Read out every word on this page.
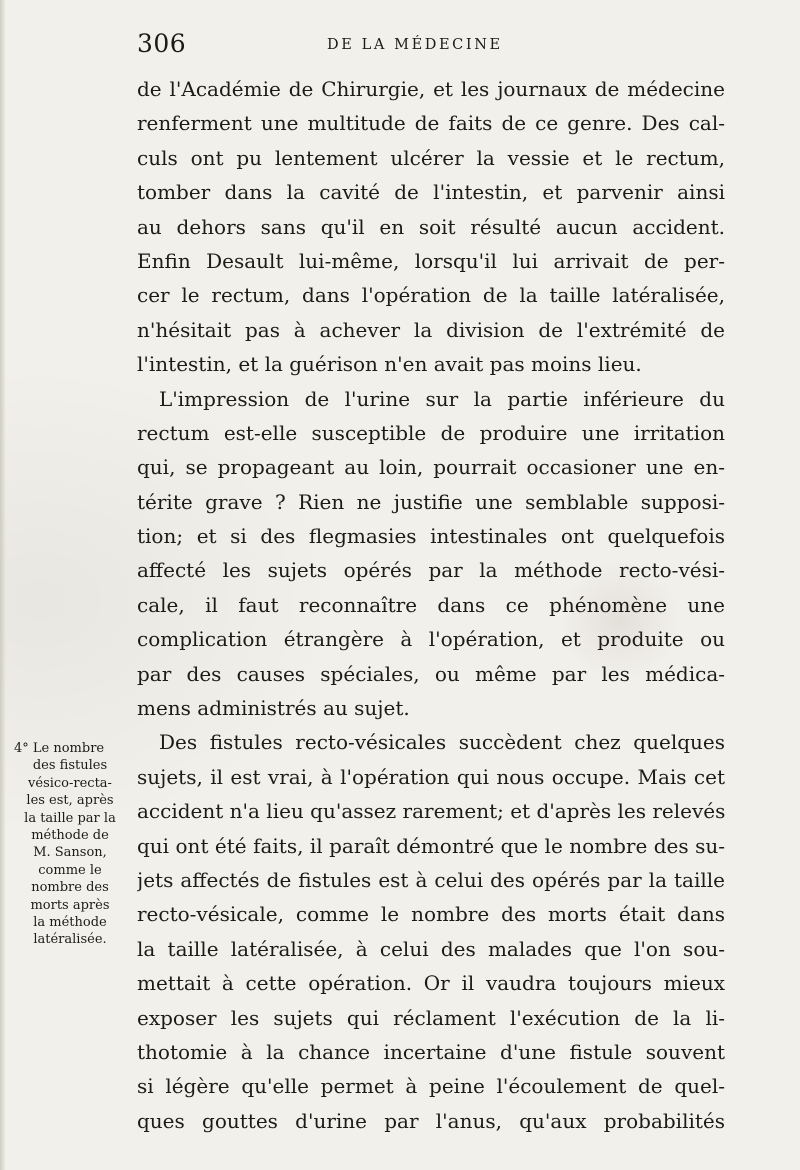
306	DE LA MÉDECINE
de l'Académie de Chirurgie, et les journaux de médecine
renferment une multitude de faits de ce genre. Des cal-
culs ont pu lentement ulcérer la vessie et le rectum,
tomber dans la cavité de l'intestin, et parvenir ainsi
au dehors sans qu'il en soit résulté aucun accident.
Enfin Desault lui-même, lorsqu'il lui arrivait de per-
cer le rectum, dans l'opération de la taille latéralisée,
n'hésitait pas à achever la division de l'extrémité de
l'intestin, et la guérison n'en avait pas moins lieu.
L'impression de l'urine sur la partie inférieure du
rectum est-elle susceptible de produire une irritation
qui, se propageant au loin, pourrait occasioner une en-
térite grave ? Rien ne justifie une semblable supposi-
tion; et si des flegmasies intestinales ont quelquefois
affecté les sujets opérés par la méthode recto-vési-
cale, il faut reconnaître dans ce phénomène une
complication étrangère à l'opération, et produite ou
par des causes spéciales, ou même par les médica-
mens administrés au sujet.
Des fistules recto-vésicales succèdent chez quelques
sujets, il est vrai, à l'opération qui nous occupe. Mais cet
accident n'a lieu qu'assez rarement; et d'après les relevés
qui ont été faits, il paraît démontré que le nombre des su-
jets affectés de fistules est à celui des opérés par la taille
recto-vésicale, comme le nombre des morts était dans
la taille latéralisée, à celui des malades que l'on sou-
mettait à cette opération. Or il vaudra toujours mieux
exposer les sujets qui réclament l'exécution de la li-
thotomie à la chance incertaine d'une fistule souvent
si légère qu'elle permet à peine l'écoulement de quel-
ques gouttes d'urine par l'anus, qu'aux probabilités
4° Le nombre
des fistules
vésico-recta-
les est, après
la taille par la
méthode de
M. Sanson,
comme le
nombre des
morts après
la méthode
latéralisée.
